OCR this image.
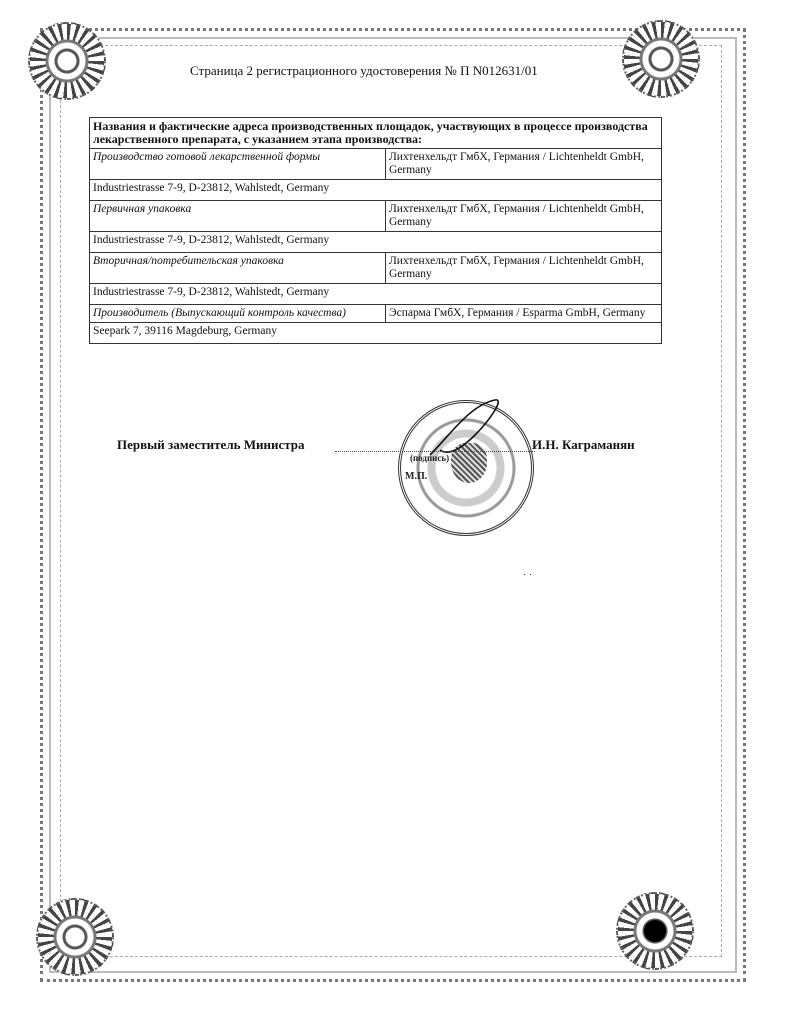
Страница 2 регистрационного удостоверения № П N012631/01
Названия и фактические адреса производственных площадок, участвующих в процессе производства лекарственного препарата, с указанием этапа производства:	
Производство готовой лекарственной формы	Лихтенхельдт ГмбХ, Германия / Lichtenheldt GmbH, Germany
Industriestrasse 7-9, D-23812, Wahlstedt, Germany	
Первичная упаковка	Лихтенхельдт ГмбХ, Германия / Lichtenheldt GmbH, Germany
Industriestrasse 7-9, D-23812, Wahlstedt, Germany	
Вторичная/потребительская упаковка	Лихтенхельдт ГмбХ, Германия / Lichtenheldt GmbH, Germany
Industriestrasse 7-9, D-23812, Wahlstedt, Germany	
Производитель (Выпускающий контроль качества)	Эспарма ГмбХ, Германия / Esparma GmbH, Germany
Seepark 7, 39116 Magdeburg, Germany	
Первый заместитель Министра	И.Н. Каграманян
(подпись)
М.П.
˙ ˙
